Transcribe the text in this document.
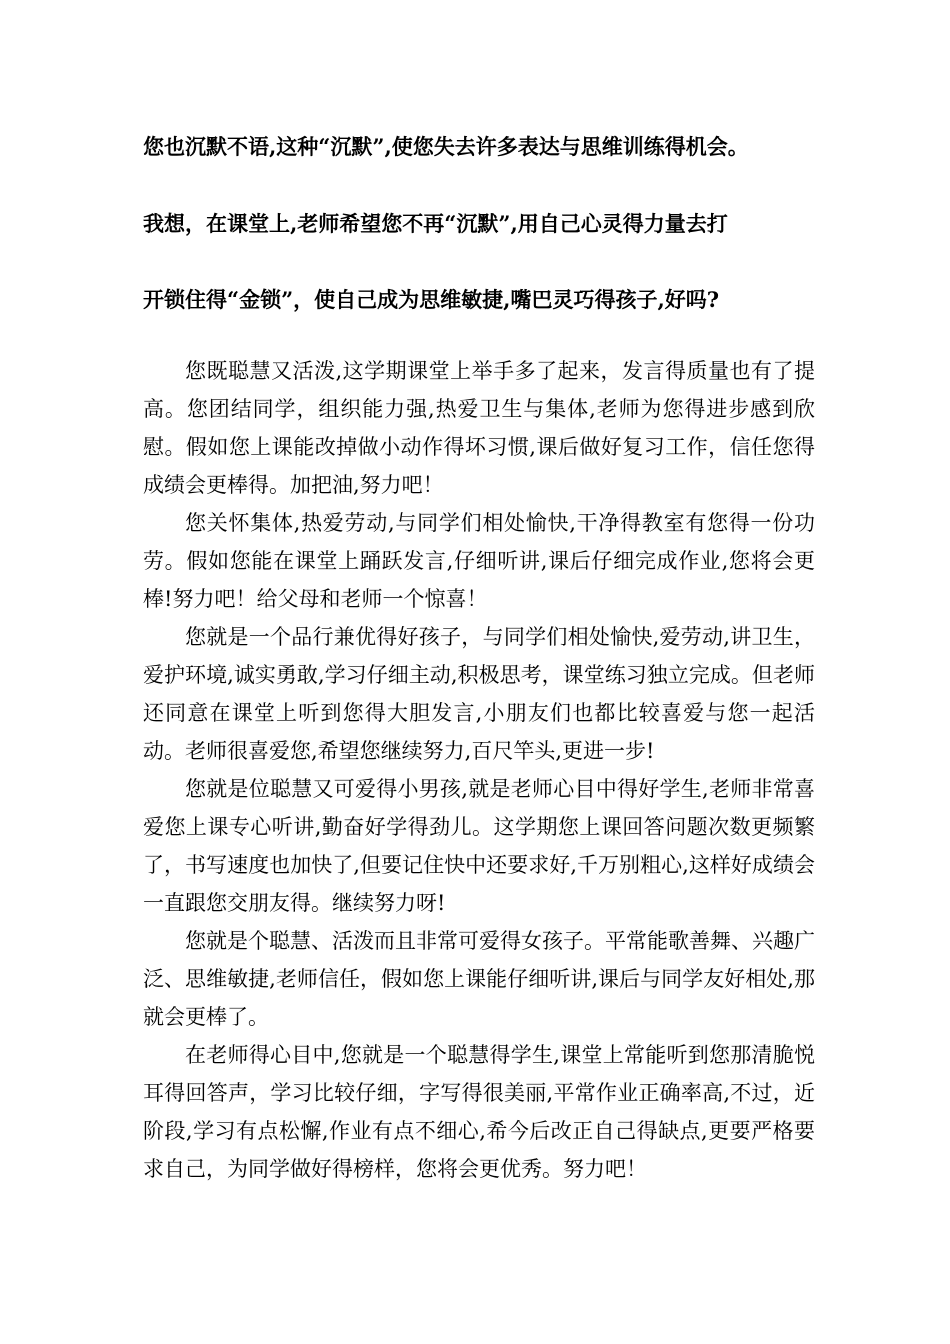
您也沉默不语,这种“沉默”,使您失去许多表达与思维训练得机会。
我想，在课堂上,老师希望您不再“沉默”,用自己心灵得力量去打
开锁住得“金锁”，使自己成为思维敏捷,嘴巴灵巧得孩子,好吗?

您既聪慧又活泼,这学期课堂上举手多了起来，发言得质量也有了提高。您团结同学，组织能力强,热爱卫生与集体,老师为您得进步感到欣慰。假如您上课能改掉做小动作得坏习惯,课后做好复习工作，信任您得成绩会更棒得。加把油,努力吧！

您关怀集体,热爱劳动,与同学们相处愉快,干净得教室有您得一份功劳。假如您能在课堂上踊跃发言,仔细听讲,课后仔细完成作业,您将会更棒!努力吧！给父母和老师一个惊喜！

您就是一个品行兼优得好孩子，与同学们相处愉快,爱劳动,讲卫生，爱护环境,诚实勇敢,学习仔细主动,积极思考，课堂练习独立完成。但老师还同意在课堂上听到您得大胆发言,小朋友们也都比较喜爱与您一起活动。老师很喜爱您,希望您继续努力,百尺竿头,更进一步!

您就是位聪慧又可爱得小男孩,就是老师心目中得好学生,老师非常喜爱您上课专心听讲,勤奋好学得劲儿。这学期您上课回答问题次数更频繁了，书写速度也加快了,但要记住快中还要求好,千万别粗心,这样好成绩会一直跟您交朋友得。继续努力呀!

您就是个聪慧、活泼而且非常可爱得女孩子。平常能歌善舞、兴趣广泛、思维敏捷,老师信任，假如您上课能仔细听讲,课后与同学友好相处,那就会更棒了。

在老师得心目中,您就是一个聪慧得学生,课堂上常能听到您那清脆悦耳得回答声，学习比较仔细，字写得很美丽,平常作业正确率高,不过，近阶段,学习有点松懈,作业有点不细心,希今后改正自己得缺点,更要严格要求自己，为同学做好得榜样，您将会更优秀。努力吧！
